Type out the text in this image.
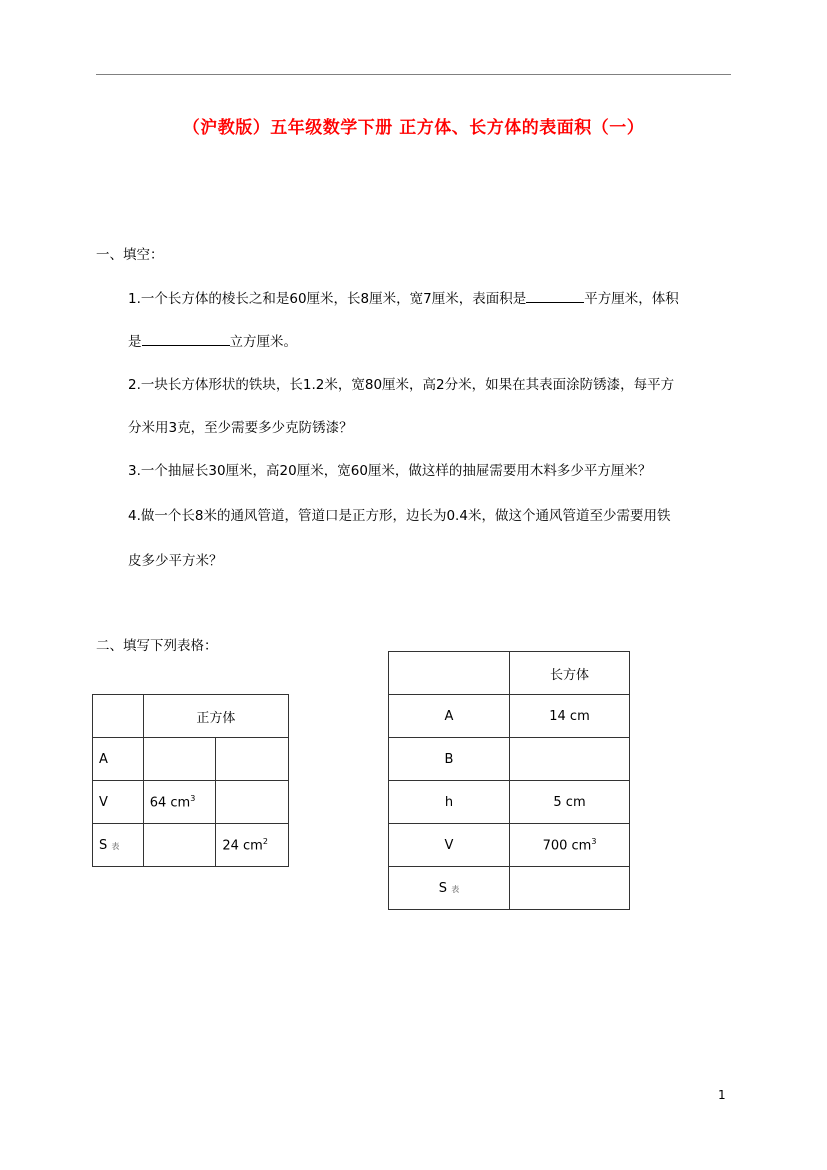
（沪教版）五年级数学下册 正方体、长方体的表面积（一）
一、填空：
1.一个长方体的棱长之和是60厘米，长8厘米，宽7厘米，表面积是	平方厘米，体积
是	立方厘米。
2.一块长方体形状的铁块，长1.2米，宽80厘米，高2分米，如果在其表面涂防锈漆，每平方
分米用3克，至少需要多少克防锈漆？
3.一个抽屉长30厘米，高20厘米，宽60厘米，做这样的抽屉需要用木料多少平方厘米？
4.做一个长8米的通风管道，管道口是正方形，边长为0.4米，做这个通风管道至少需要用铁
皮多少平方米？
二、填写下列表格：
	正方体	
A		
V	64 $cm^3$	
S 表		24 $cm^2$
	长方体
A	14 cm
B	
h	5 cm
V	700 $cm^3$
S 表	
1
